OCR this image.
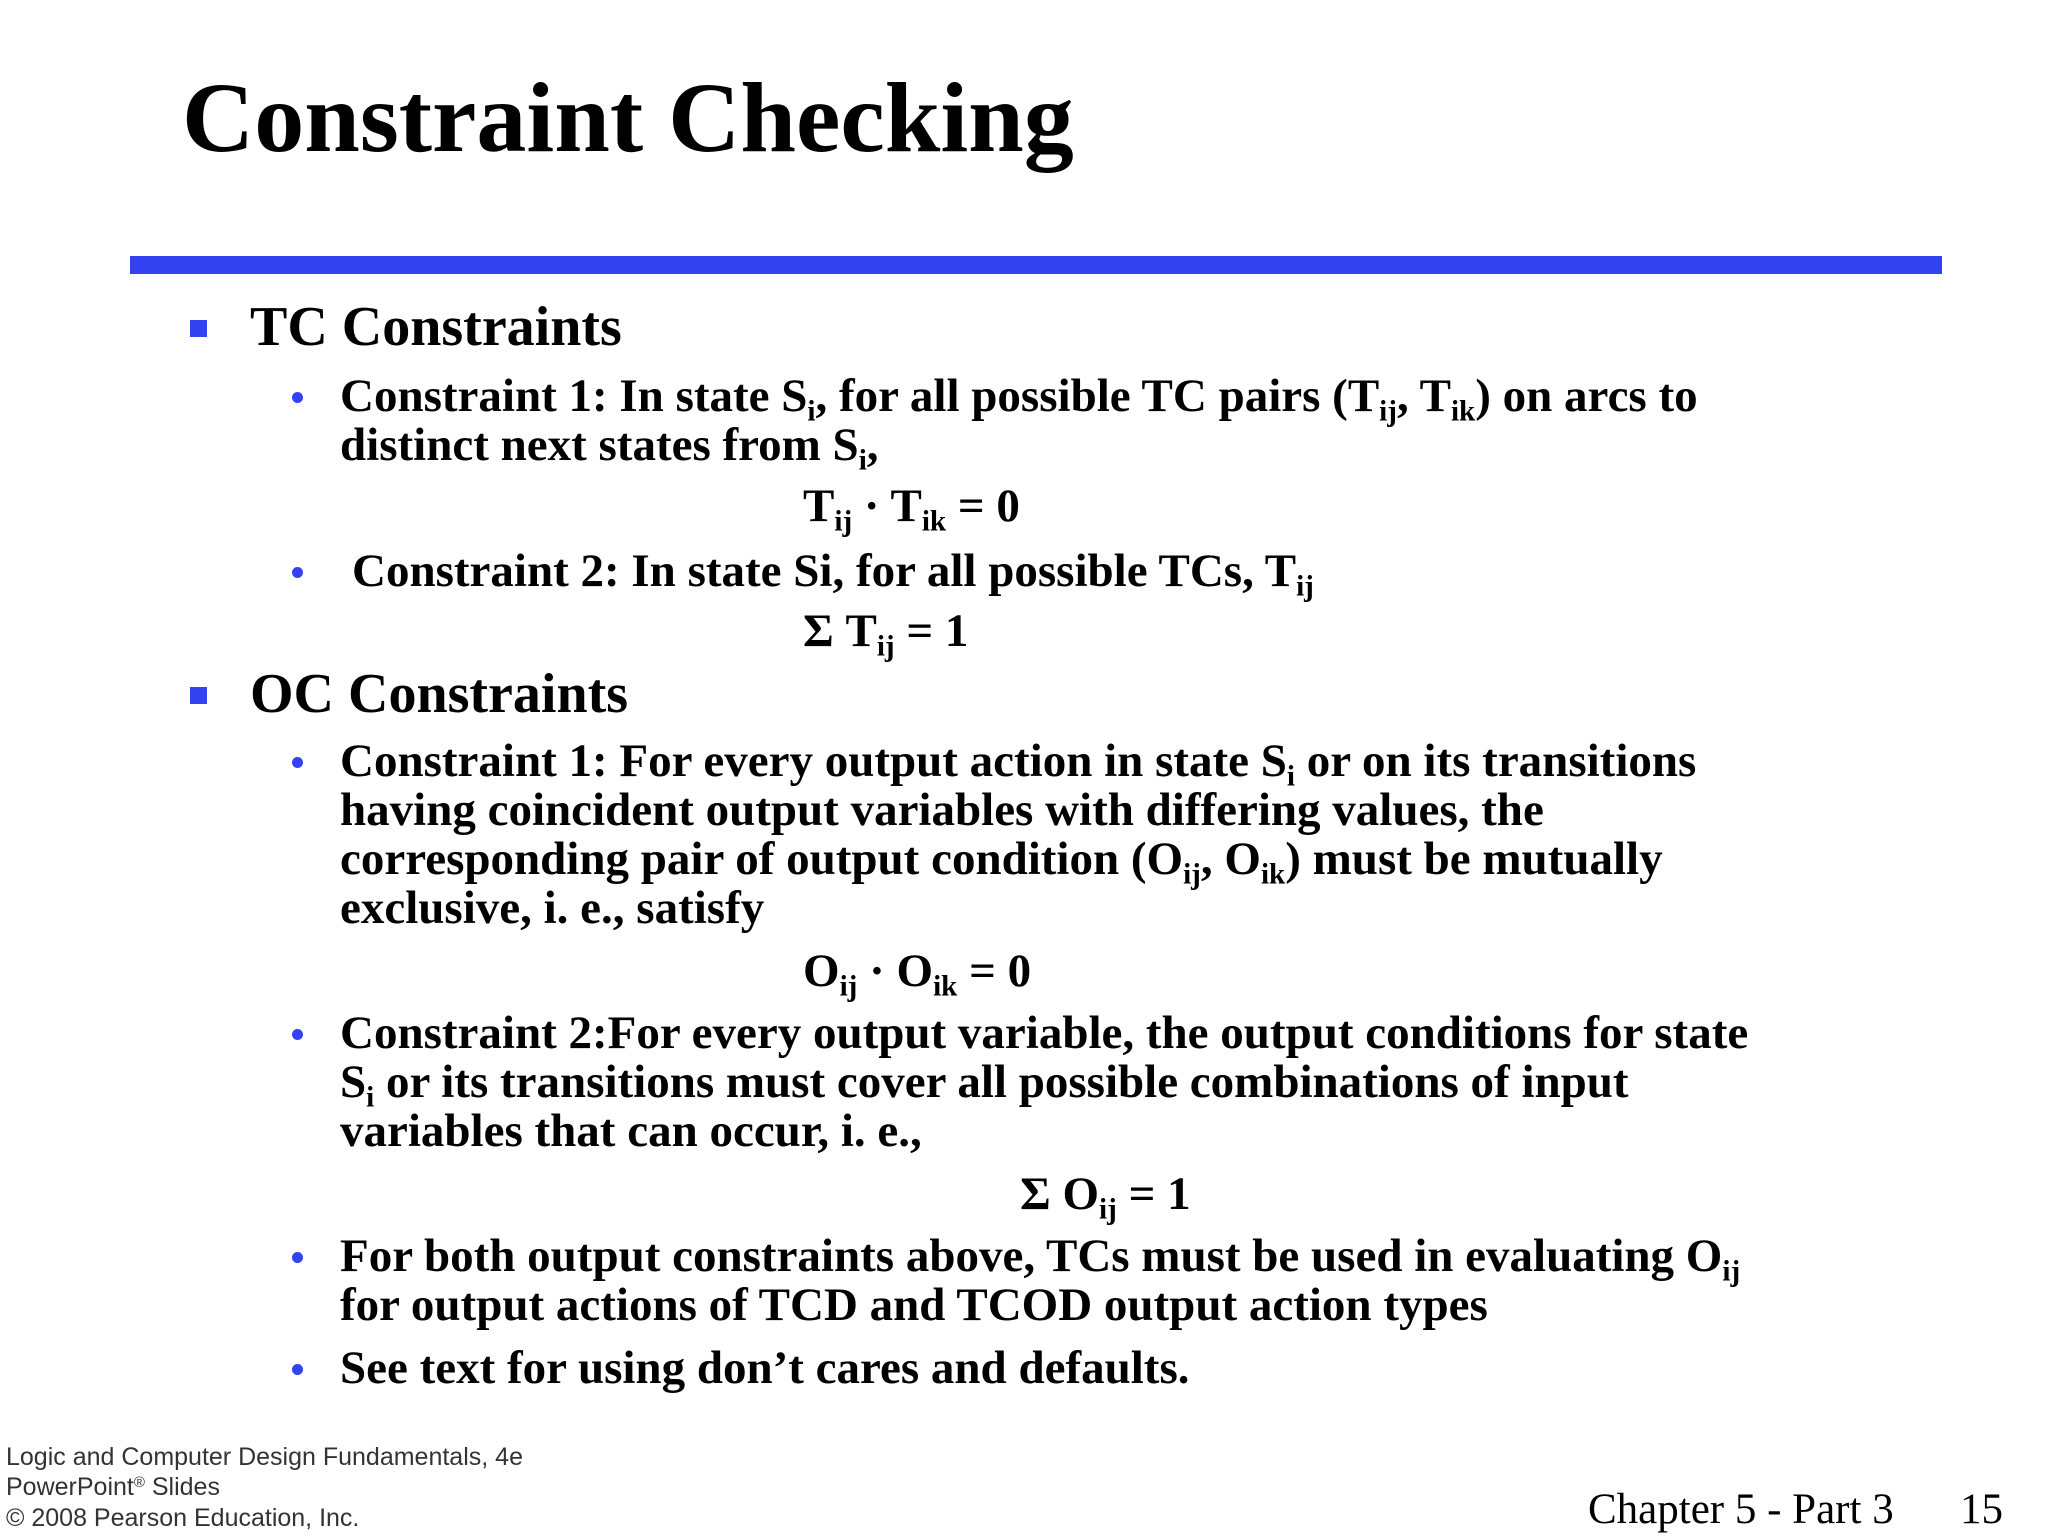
Constraint Checking
TC Constraints
Constraint 1: In state $S_i$, for all possible TC pairs ($T_{ij}$, $T_{ik}$) on arcs to
distinct next states from $S_i$,
$T_{ij} \cdot T_{ik} = 0$
Constraint 2: In state Si, for all possible TCs, $T_{ij}$
Σ $T_{ij} = 1$
OC Constraints
Constraint 1: For every output action in state $S_i$ or on its transitions
having coincident output variables with differing values, the
corresponding pair of output condition ($O_{ij}$, $O_{ik}$) must be mutually
exclusive, i. e., satisfy
$O_{ij} \cdot O_{ik} = 0$
Constraint 2:For every output variable, the output conditions for state
$S_i$ or its transitions must cover all possible combinations of input
variables that can occur, i. e.,
Σ $O_{ij} = 1$
For both output constraints above, TCs must be used in evaluating $O_{ij}$
for output actions of TCD and TCOD output action types
See text for using don’t cares and defaults.
Logic and Computer Design Fundamentals, 4e
PowerPoint® Slides
© 2008 Pearson Education, Inc.	Chapter 5 - Part 3 15
